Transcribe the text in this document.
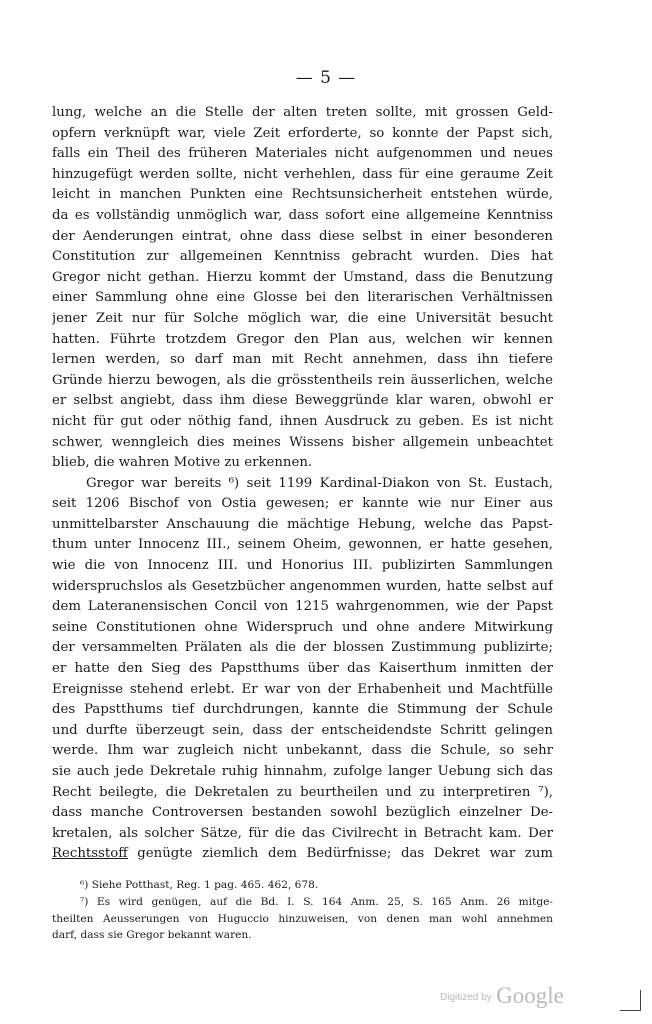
— 5 —
lung, welche an die Stelle der alten treten sollte, mit grossen Geld-
opfern verknüpft war, viele Zeit erforderte, so konnte der Papst sich,
falls ein Theil des früheren Materiales nicht aufgenommen und neues
hinzugefügt werden sollte, nicht verhehlen, dass für eine geraume Zeit
leicht in manchen Punkten eine Rechtsunsicherheit entstehen würde,
da es vollständig unmöglich war, dass sofort eine allgemeine Kenntniss
der Aenderungen eintrat, ohne dass diese selbst in einer besonderen
Constitution zur allgemeinen Kenntniss gebracht wurden. Dies hat
Gregor nicht gethan. Hierzu kommt der Umstand, dass die Benutzung
einer Sammlung ohne eine Glosse bei den literarischen Verhältnissen
jener Zeit nur für Solche möglich war, die eine Universität besucht
hatten. Führte trotzdem Gregor den Plan aus, welchen wir kennen
lernen werden, so darf man mit Recht annehmen, dass ihn tiefere
Gründe hierzu bewogen, als die grösstentheils rein äusserlichen, welche
er selbst angiebt, dass ihm diese Beweggründe klar waren, obwohl er
nicht für gut oder nöthig fand, ihnen Ausdruck zu geben. Es ist nicht
schwer, wenngleich dies meines Wissens bisher allgemein unbeachtet
blieb, die wahren Motive zu erkennen.
Gregor war bereits ⁶) seit 1199 Kardinal-Diakon von St. Eustach,
seit 1206 Bischof von Ostia gewesen; er kannte wie nur Einer aus
unmittelbarster Anschauung die mächtige Hebung, welche das Papst-
thum unter Innocenz III., seinem Oheim, gewonnen, er hatte gesehen,
wie die von Innocenz III. und Honorius III. publizirten Sammlungen
widerspruchslos als Gesetzbücher angenommen wurden, hatte selbst auf
dem Lateranensischen Concil von 1215 wahrgenommen, wie der Papst
seine Constitutionen ohne Widerspruch und ohne andere Mitwirkung
der versammelten Prälaten als die der blossen Zustimmung publizirte;
er hatte den Sieg des Papstthums über das Kaiserthum inmitten der
Ereignisse stehend erlebt. Er war von der Erhabenheit und Machtfülle
des Papstthums tief durchdrungen, kannte die Stimmung der Schule
und durfte überzeugt sein, dass der entscheidendste Schritt gelingen
werde. Ihm war zugleich nicht unbekannt, dass die Schule, so sehr
sie auch jede Dekretale ruhig hinnahm, zufolge langer Uebung sich das
Recht beilegte, die Dekretalen zu beurtheilen und zu interpretiren ⁷),
dass manche Controversen bestanden sowohl bezüglich einzelner De-
kretalen, als solcher Sätze, für die das Civilrecht in Betracht kam. Der
Rechtsstoff genügte ziemlich dem Bedürfnisse; das Dekret war zum
⁶) Siehe Potthast, Reg. 1 pag. 465. 462, 678.
⁷) Es wird genügen, auf die Bd. I. S. 164 Anm. 25, S. 165 Anm. 26 mitge-
theilten Aeusserungen von Huguccio hinzuweisen, von denen man wohl annehmen
darf, dass sie Gregor bekannt waren.
Digitized by Google
